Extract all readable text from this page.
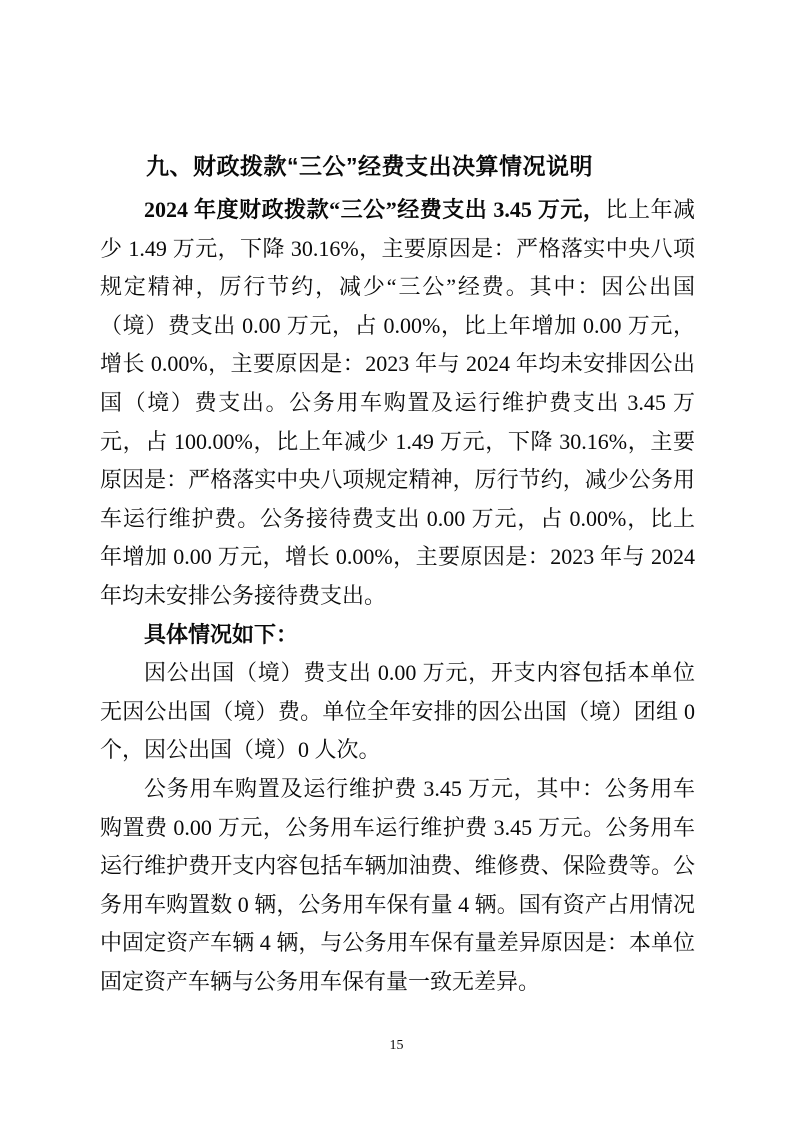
九、财政拨款“三公”经费支出决算情况说明

2024 年度财政拨款“三公”经费支出 3.45 万元，比上年减少 1.49 万元，下降 30.16%，主要原因是：严格落实中央八项规定精神，厉行节约，减少“三公”经费。其中：因公出国（境）费支出 0.00 万元，占 0.00%，比上年增加 0.00 万元，增长 0.00%，主要原因是：2023 年与 2024 年均未安排因公出国（境）费支出。公务用车购置及运行维护费支出 3.45 万元，占 100.00%，比上年减少 1.49 万元，下降 30.16%，主要原因是：严格落实中央八项规定精神，厉行节约，减少公务用车运行维护费。公务接待费支出 0.00 万元，占 0.00%，比上年增加 0.00 万元，增长 0.00%，主要原因是：2023 年与 2024 年均未安排公务接待费支出。

具体情况如下：

因公出国（境）费支出 0.00 万元，开支内容包括本单位无因公出国（境）费。单位全年安排的因公出国（境）团组 0 个，因公出国（境）0 人次。

公务用车购置及运行维护费 3.45 万元，其中：公务用车购置费 0.00 万元，公务用车运行维护费 3.45 万元。公务用车运行维护费开支内容包括车辆加油费、维修费、保险费等。公务用车购置数 0 辆，公务用车保有量 4 辆。国有资产占用情况中固定资产车辆 4 辆，与公务用车保有量差异原因是：本单位固定资产车辆与公务用车保有量一致无差异。

15
